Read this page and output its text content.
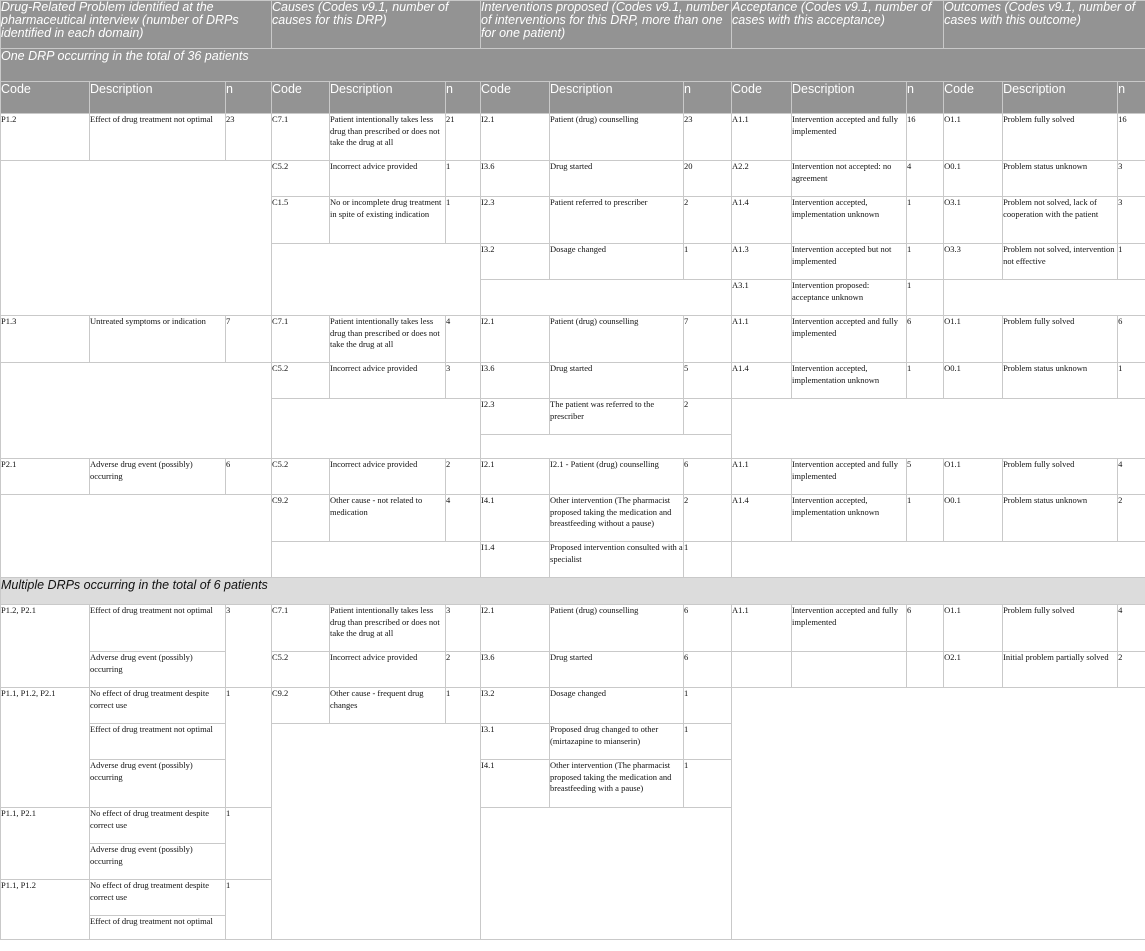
Drug-Related Problem identified at the pharmaceutical interview (number of DRPs identified in each domain)			Causes (Codes v9.1, number of causes for this DRP)			Interventions proposed (Codes v9.1, number of interventions for this DRP, more than one for one patient)			Acceptance (Codes v9.1, number of cases with this acceptance)			Outcomes (Codes v9.1, number of cases with this outcome)		
One DRP occurring in the total of 36 patients														
Code	Description	n	Code	Description	n	Code	Description	n	Code	Description	n	Code	Description	n
P1.2	Effect of drug treatment not optimal	23	C7.1	Patient intentionally takes less drug than prescribed or does not take the drug at all	21	I2.1	Patient (drug) counselling	23	A1.1	Intervention accepted and fully implemented	16	O1.1	Problem fully solved	16
			C5.2	Incorrect advice provided	1	I3.6	Drug started	20	A2.2	Intervention not accepted: no agreement	4	O0.1	Problem status unknown	3
			C1.5	No or incomplete drug treatment in spite of existing indication	1	I2.3	Patient referred to prescriber	2	A1.4	Intervention accepted, implementation unknown	1	O3.1	Problem not solved, lack of cooperation with the patient	3
						I3.2	Dosage changed	1	A1.3	Intervention accepted but not implemented	1	O3.3	Problem not solved, intervention not effective	1
									A3.1	Intervention proposed: acceptance unknown	1			
P1.3	Untreated symptoms or indication	7	C7.1	Patient intentionally takes less drug than prescribed or does not take the drug at all	4	I2.1	Patient (drug) counselling	7	A1.1	Intervention accepted and fully implemented	6	O1.1	Problem fully solved	6
			C5.2	Incorrect advice provided	3	I3.6	Drug started	5	A1.4	Intervention accepted, implementation unknown	1	O0.1	Problem status unknown	1
						I2.3	The patient was referred to the prescriber	2						

P2.1	Adverse drug event (possibly) occurring	6	C5.2	Incorrect advice provided	2	I2.1	I2.1 - Patient (drug) counselling	6	A1.1	Intervention accepted and fully implemented	5	O1.1	Problem fully solved	4
			C9.2	Other cause - not related to medication	4	I4.1	Other intervention (The pharmacist proposed taking the medication and breastfeeding without a pause)	2	A1.4	Intervention accepted, implementation unknown	1	O0.1	Problem status unknown	2
						I1.4	Proposed intervention consulted with a specialist	1						
Multiple DRPs occurring in the total of 6 patients														
P1.2, P2.1	Effect of drug treatment not optimal	3	C7.1	Patient intentionally takes less drug than prescribed or does not take the drug at all	3	I2.1	Patient (drug) counselling	6	A1.1	Intervention accepted and fully implemented	6	O1.1	Problem fully solved	4
	Adverse drug event (possibly) occurring		C5.2	Incorrect advice provided	2	I3.6	Drug started	6				O2.1	Initial problem partially solved	2
P1.1, P1.2, P2.1	No effect of drug treatment despite correct use	1	C9.2	Other cause - frequent drug changes	1	I3.2	Dosage changed	1						
	Effect of drug treatment not optimal					I3.1	Proposed drug changed to other (mirtazapine to mianserin)	1						
	Adverse drug event (possibly) occurring					I4.1	Other intervention (The pharmacist proposed taking the medication and breastfeeding with a pause)	1						
P1.1, P2.1	No effect of drug treatment despite correct use	1												
	Adverse drug event (possibly) occurring													
P1.1, P1.2	No effect of drug treatment despite correct use	1												
	Effect of drug treatment not optimal													
